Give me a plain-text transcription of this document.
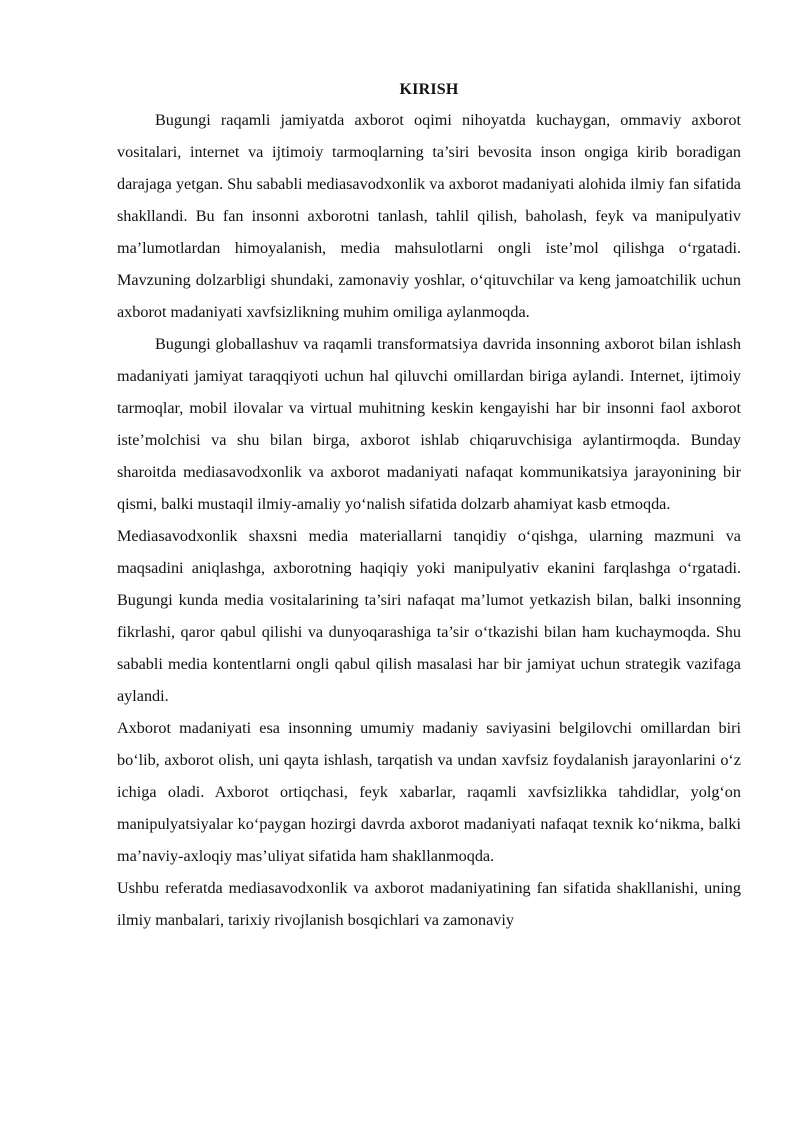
KIRISH

Bugungi raqamli jamiyatda axborot oqimi nihoyatda kuchaygan, ommaviy axborot vositalari, internet va ijtimoiy tarmoqlarning ta’siri bevosita inson ongiga kirib boradigan darajaga yetgan. Shu sababli mediasavodxonlik va axborot madaniyati alohida ilmiy fan sifatida shakllandi. Bu fan insonni axborotni tanlash, tahlil qilish, baholash, feyk va manipulyativ ma’lumotlardan himoyalanish, media mahsulotlarni ongli iste’mol qilishga o‘rgatadi. Mavzuning dolzarbligi shundaki, zamonaviy yoshlar, o‘qituvchilar va keng jamoatchilik uchun axborot madaniyati xavfsizlikning muhim omiliga aylanmoqda.

Bugungi globallashuv va raqamli transformatsiya davrida insonning axborot bilan ishlash madaniyati jamiyat taraqqiyoti uchun hal qiluvchi omillardan biriga aylandi. Internet, ijtimoiy tarmoqlar, mobil ilovalar va virtual muhitning keskin kengayishi har bir insonni faol axborot iste’molchisi va shu bilan birga, axborot ishlab chiqaruvchisiga aylantirmoqda. Bunday sharoitda mediasavodxonlik va axborot madaniyati nafaqat kommunikatsiya jarayonining bir qismi, balki mustaqil ilmiy-amaliy yo‘nalish sifatida dolzarb ahamiyat kasb etmoqda.

Mediasavodxonlik shaxsni media materiallarni tanqidiy o‘qishga, ularning mazmuni va maqsadini aniqlashga, axborotning haqiqiy yoki manipulyativ ekanini farqlashga o‘rgatadi. Bugungi kunda media vositalarining ta’siri nafaqat ma’lumot yetkazish bilan, balki insonning fikrlashi, qaror qabul qilishi va dunyoqarashiga ta’sir o‘tkazishi bilan ham kuchaymoqda. Shu sababli media kontentlarni ongli qabul qilish masalasi har bir jamiyat uchun strategik vazifaga aylandi.

Axborot madaniyati esa insonning umumiy madaniy saviyasini belgilovchi omillardan biri bo‘lib, axborot olish, uni qayta ishlash, tarqatish va undan xavfsiz foydalanish jarayonlarini o‘z ichiga oladi. Axborot ortiqchasi, feyk xabarlar, raqamli xavfsizlikka tahdidlar, yolg‘on manipulyatsiyalar ko‘paygan hozirgi davrda axborot madaniyati nafaqat texnik ko‘nikma, balki ma’naviy-axloqiy mas’uliyat sifatida ham shakllanmoqda.

Ushbu referatda mediasavodxonlik va axborot madaniyatining fan sifatida shakllanishi, uning ilmiy manbalari, tarixiy rivojlanish bosqichlari va zamonaviy
